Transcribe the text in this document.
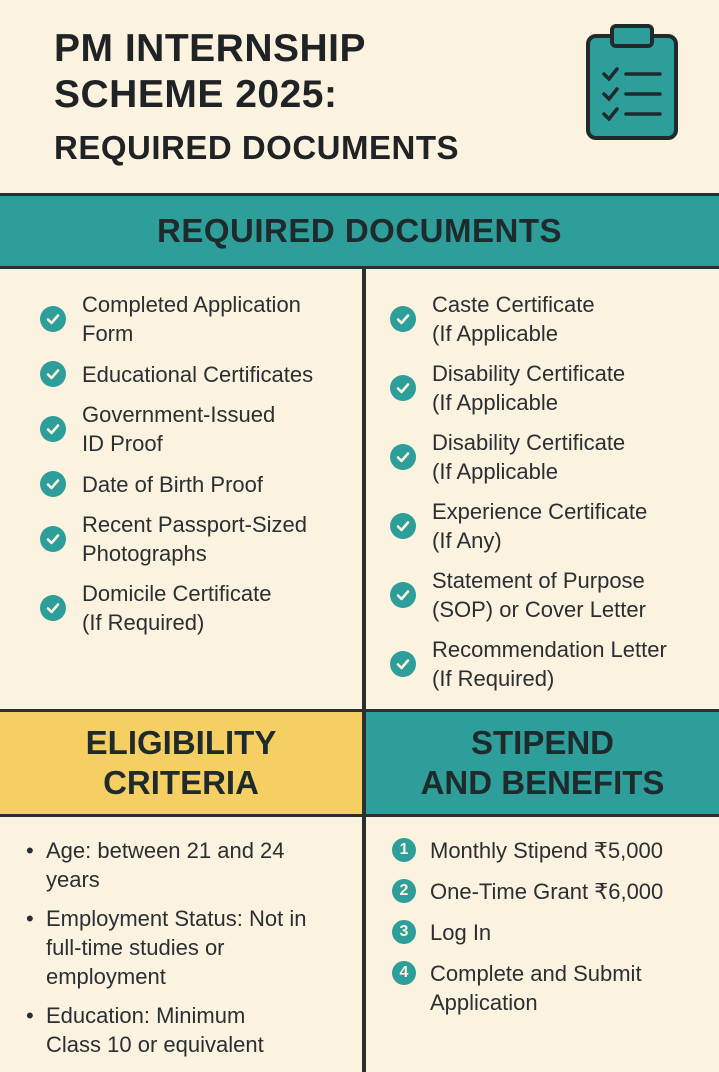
PM INTERNSHIP
SCHEME 2025:
REQUIRED DOCUMENTS
REQUIRED DOCUMENTS
Completed Application
Form
Educational Certificates
Government-Issued
ID Proof
Date of Birth Proof
Recent Passport-Sized
Photographs
Domicile Certificate
(If Required)
Caste Certificate
(If Applicable
Disability Certificate
(If Applicable
Disability Certificate
(If Applicable
Experience Certificate
(If Any)
Statement of Purpose
(SOP) or Cover Letter
Recommendation Letter
(If Required)
ELIGIBILITY
CRITERIA
STIPEND
AND BENEFITS
• Age: between 21 and 24
years
• Employment Status: Not in
full-time studies or
employment
• Education: Minimum
Class 10 or equivalent
1 Monthly Stipend ₹5,000
2 One-Time Grant ₹6,000
3 Log In
4 Complete and Submit
Application
